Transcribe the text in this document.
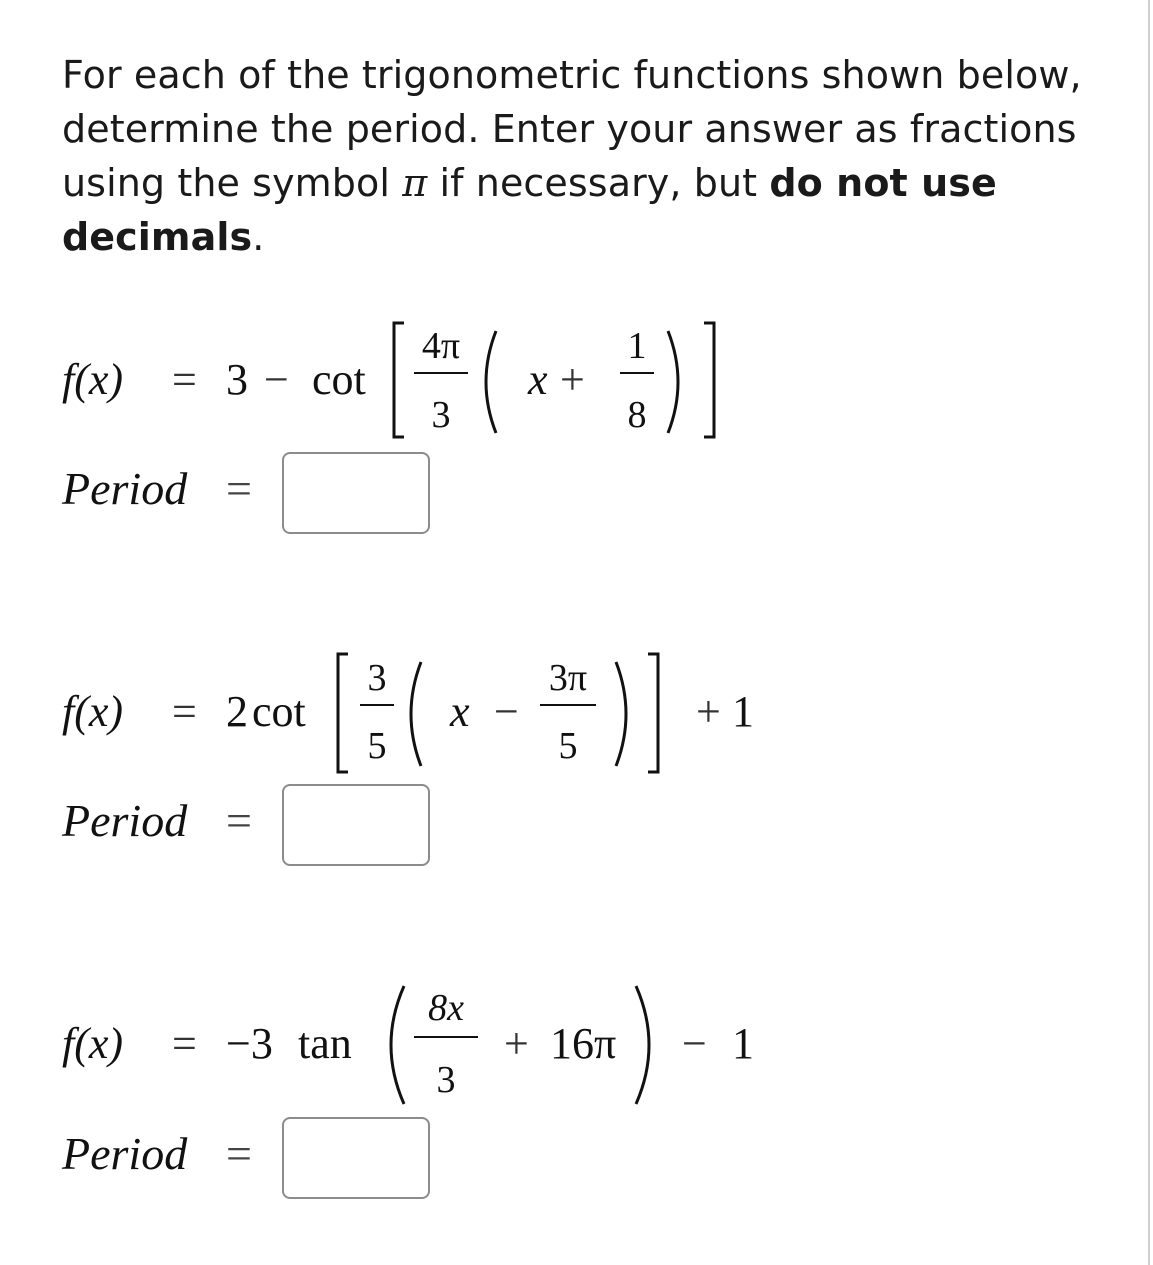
For each of the trigonometric functions shown below, determine the period. Enter your answer as fractions using the symbol π if necessary, but do not use decimals.
f(x) = 3 − cot
4π
3
x +
1
8
Period =
f(x) = 2 cot
3
5
x −
3π
5
+ 1
Period =
f(x) = −3 tan
8x
3
+ 16π − 1
Period =
